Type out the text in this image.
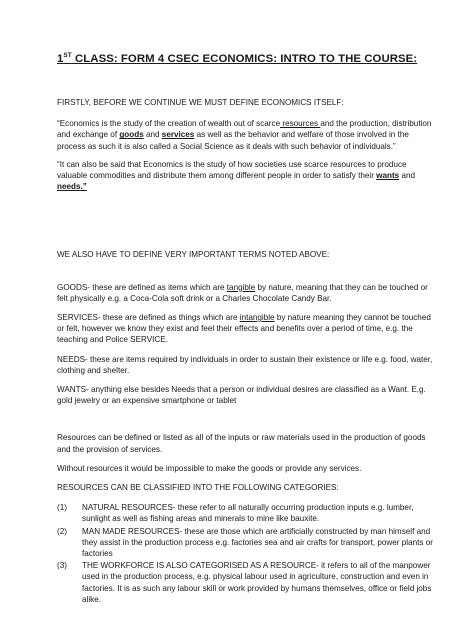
1ST CLASS: FORM 4 CSEC ECONOMICS: INTRO TO THE COURSE:

FIRSTLY, BEFORE WE CONTINUE WE MUST DEFINE ECONOMICS ITSELF:

“Economics is the study of the creation of wealth out of scarce resources and the production, distribution and exchange of goods and services as well as the behavior and welfare of those involved in the process as such it is also called a Social Science as it deals with such behavior of individuals.”

“It can also be said that Economics is the study of how societies use scarce resources to produce valuable commodities and distribute them among different people in order to satisfy their wants and needs.”

WE ALSO HAVE TO DEFINE VERY IMPORTANT TERMS NOTED ABOVE:

GOODS- these are defined as items which are tangible by nature, meaning that they can be touched or felt physically e.g. a Coca-Cola soft drink or a Charles Chocolate Candy Bar.

SERVICES- these are defined as things which are intangible by nature meaning they cannot be touched or felt, however we know they exist and feel their effects and benefits over a period of time, e.g. the teaching and Police SERVICE.

NEEDS- these are items required by individuals in order to sustain their existence or life e.g. food, water, clothing and shelter.

WANTS- anything else besides Needs that a person or individual desires are classified as a Want. E.g. gold jewelry or an expensive smartphone or tablet

Resources can be defined or listed as all of the inputs or raw materials used in the production of goods and the provision of services.

Without resources it would be impossible to make the goods or provide any services.

RESOURCES CAN BE CLASSIFIED INTO THE FOLLOWING CATEGORIES:

(1) NATURAL RESOURCES- these refer to all naturally occurring production inputs e.g. lumber, sunlight as well as fishing areas and minerals to mine like bauxite.
(2) MAN MADE RESOURCES- these are those which are artificially constructed by man himself and they assist in the production process e.g. factories sea and air crafts for transport, power plants or factories
(3) THE WORKFORCE IS ALSO CATEGORISED AS A RESOURCE- it refers to all of the manpower used in the production process, e.g. physical labour used in agriculture, construction and even in factories. It is as such any labour skill or work provided by humans themselves, office or field jobs alike.
